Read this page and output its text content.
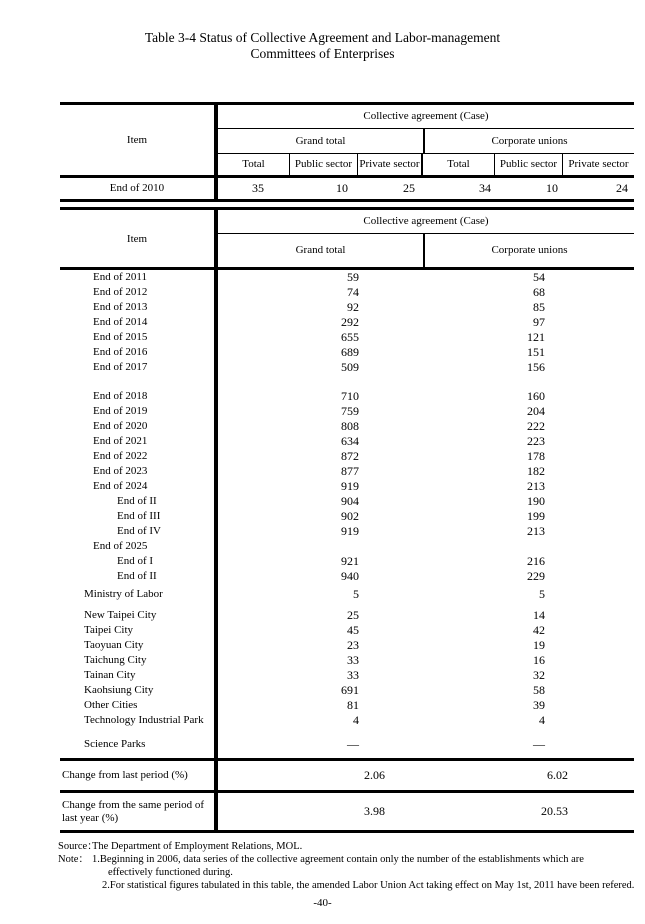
Table 3-4 Status of Collective Agreement and Labor-management
Committees of Enterprises
Collective agreement (Case)
Grand total	Corporate unions
Total	Public sector Private sector	Total	Public sector	Private sector
Item
End of 2010	35	10	25	34	10	24
Collective agreement (Case)
Grand total	Corporate unions
Item
End of 2011	59	54
End of 2012	74	68
End of 2013	92	85
End of 2014	292	97
End of 2015	655	121
End of 2016	689	151
End of 2017	509	156
End of 2018	710	160
End of 2019	759	204
End of 2020	808	222
End of 2021	634	223
End of 2022	872	178
End of 2023	877	182
End of 2024	919	213
End of II	904	190
End of III	902	199
End of IV	919	213
End of 2025
End of I	921	216
End of II	940	229
Ministry of Labor	5	5
New Taipei City	25	14
Taipei City	45	42
Taoyuan City	23	19
Taichung City	33	16
Tainan City	33	32
Kaohsiung City	691	58
Other Cities	81	39
Technology Industrial Park	4	4
Science Parks	—	—
Change from last period (%)	2.06	6.02
Change from the same period of last year (%)	3.98	20.53
Source：
The Department of Employment Relations, MOL.
Note： 1.Beginning in 2006, data series of the collective agreement contain only the number of the establishments which are
effectively functioned during.
2.For statistical figures tabulated in this table, the amended Labor Union Act taking effect on May 1st, 2011 have been refered.
-40-
